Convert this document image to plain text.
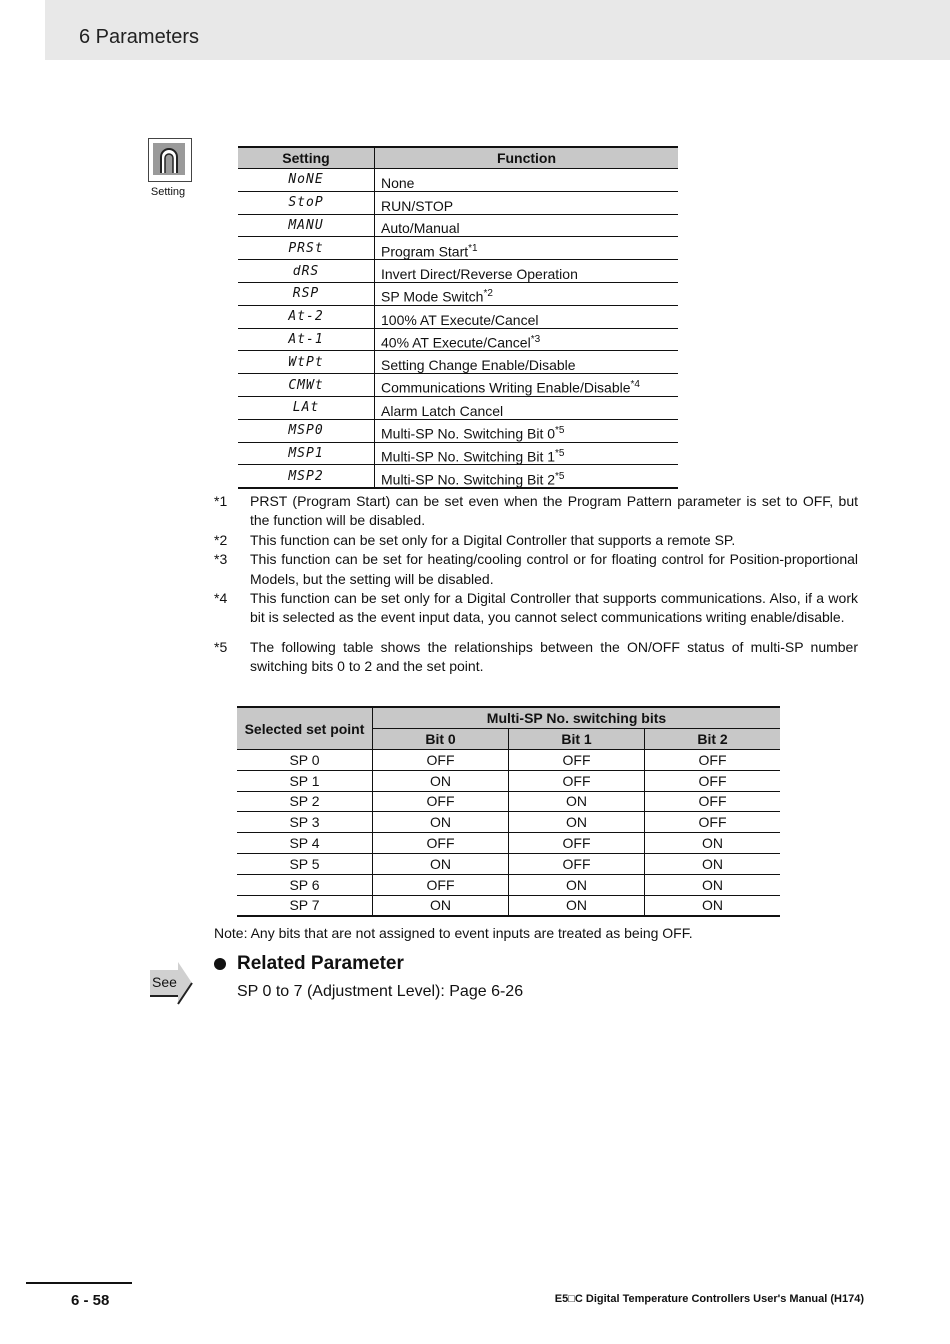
6 Parameters
Setting
Setting	Function
NoNE	None
StoP	RUN/STOP
MANU	Auto/Manual
PRSt	Program Start$^{*1}$
dRS	Invert Direct/Reverse Operation
RSP	SP Mode Switch$^{*2}$
At-2	100% AT Execute/Cancel
At-1	40% AT Execute/Cancel$^{*3}$
WtPt	Setting Change Enable/Disable
CMWt	Communications Writing Enable/Disable$^{*4}$
LAt	Alarm Latch Cancel
MSP0	Multi-SP No. Switching Bit 0$^{*5}$
MSP1	Multi-SP No. Switching Bit 1$^{*5}$
MSP2	Multi-SP No. Switching Bit 2$^{*5}$
*1	PRST (Program Start) can be set even when the Program Pattern parameter is set to OFF, but the function will be disabled.
*2	This function can be set only for a Digital Controller that supports a remote SP.
*3	This function can be set for heating/cooling control or for floating control for Position-proportional Models, but the setting will be disabled.
*4	This function can be set only for a Digital Controller that supports communications. Also, if a work bit is selected as the event input data, you cannot select communications writing enable/disable.
*5	The following table shows the relationships between the ON/OFF status of multi-SP number switching bits 0 to 2 and the set point.
Selected set point	Multi-SP No. switching bits		
	Bit 0	Bit 1	Bit 2
SP 0	OFF	OFF	OFF
SP 1	ON	OFF	OFF
SP 2	OFF	ON	OFF
SP 3	ON	ON	OFF
SP 4	OFF	OFF	ON
SP 5	ON	OFF	ON
SP 6	OFF	ON	ON
SP 7	ON	ON	ON
Note: Any bits that are not assigned to event inputs are treated as being OFF.
See
Related Parameter
SP 0 to 7 (Adjustment Level): Page 6-26
6 - 58	E5□C Digital Temperature Controllers User's Manual (H174)
